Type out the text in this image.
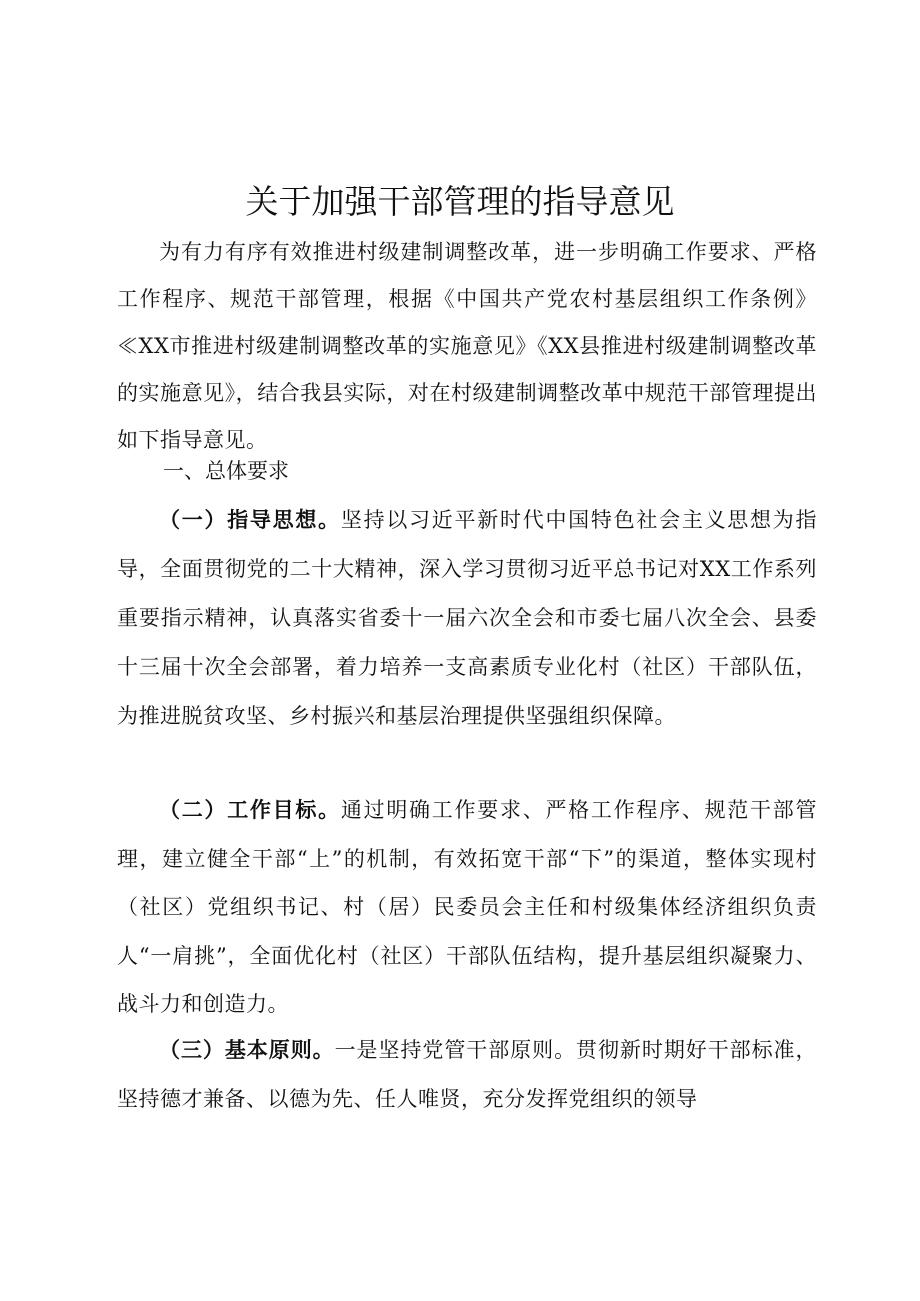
关于加强干部管理的指导意见

为有力有序有效推进村级建制调整改革，进一步明确工作要求、严格工作程序、规范干部管理，根据《中国共产党农村基层组织工作条例》≪XX市推进村级建制调整改革的实施意见》《XX县推进村级建制调整改革的实施意见》，结合我县实际，对在村级建制调整改革中规范干部管理提出如下指导意见。

一、总体要求

（一）指导思想。坚持以习近平新时代中国特色社会主义思想为指导，全面贯彻党的二十大精神，深入学习贯彻习近平总书记对XX工作系列重要指示精神，认真落实省委十一届六次全会和市委七届八次全会、县委十三届十次全会部署，着力培养一支高素质专业化村（社区）干部队伍，为推进脱贫攻坚、乡村振兴和基层治理提供坚强组织保障。

（二）工作目标。通过明确工作要求、严格工作程序、规范干部管理，建立健全干部“上”的机制，有效拓宽干部“下”的渠道，整体实现村（社区）党组织书记、村（居）民委员会主任和村级集体经济组织负责人“一肩挑”，全面优化村（社区）干部队伍结构，提升基层组织凝聚力、战斗力和创造力。

（三）基本原则。一是坚持党管干部原则。贯彻新时期好干部标准，坚持德才兼备、以德为先、任人唯贤，充分发挥党组织的领导
